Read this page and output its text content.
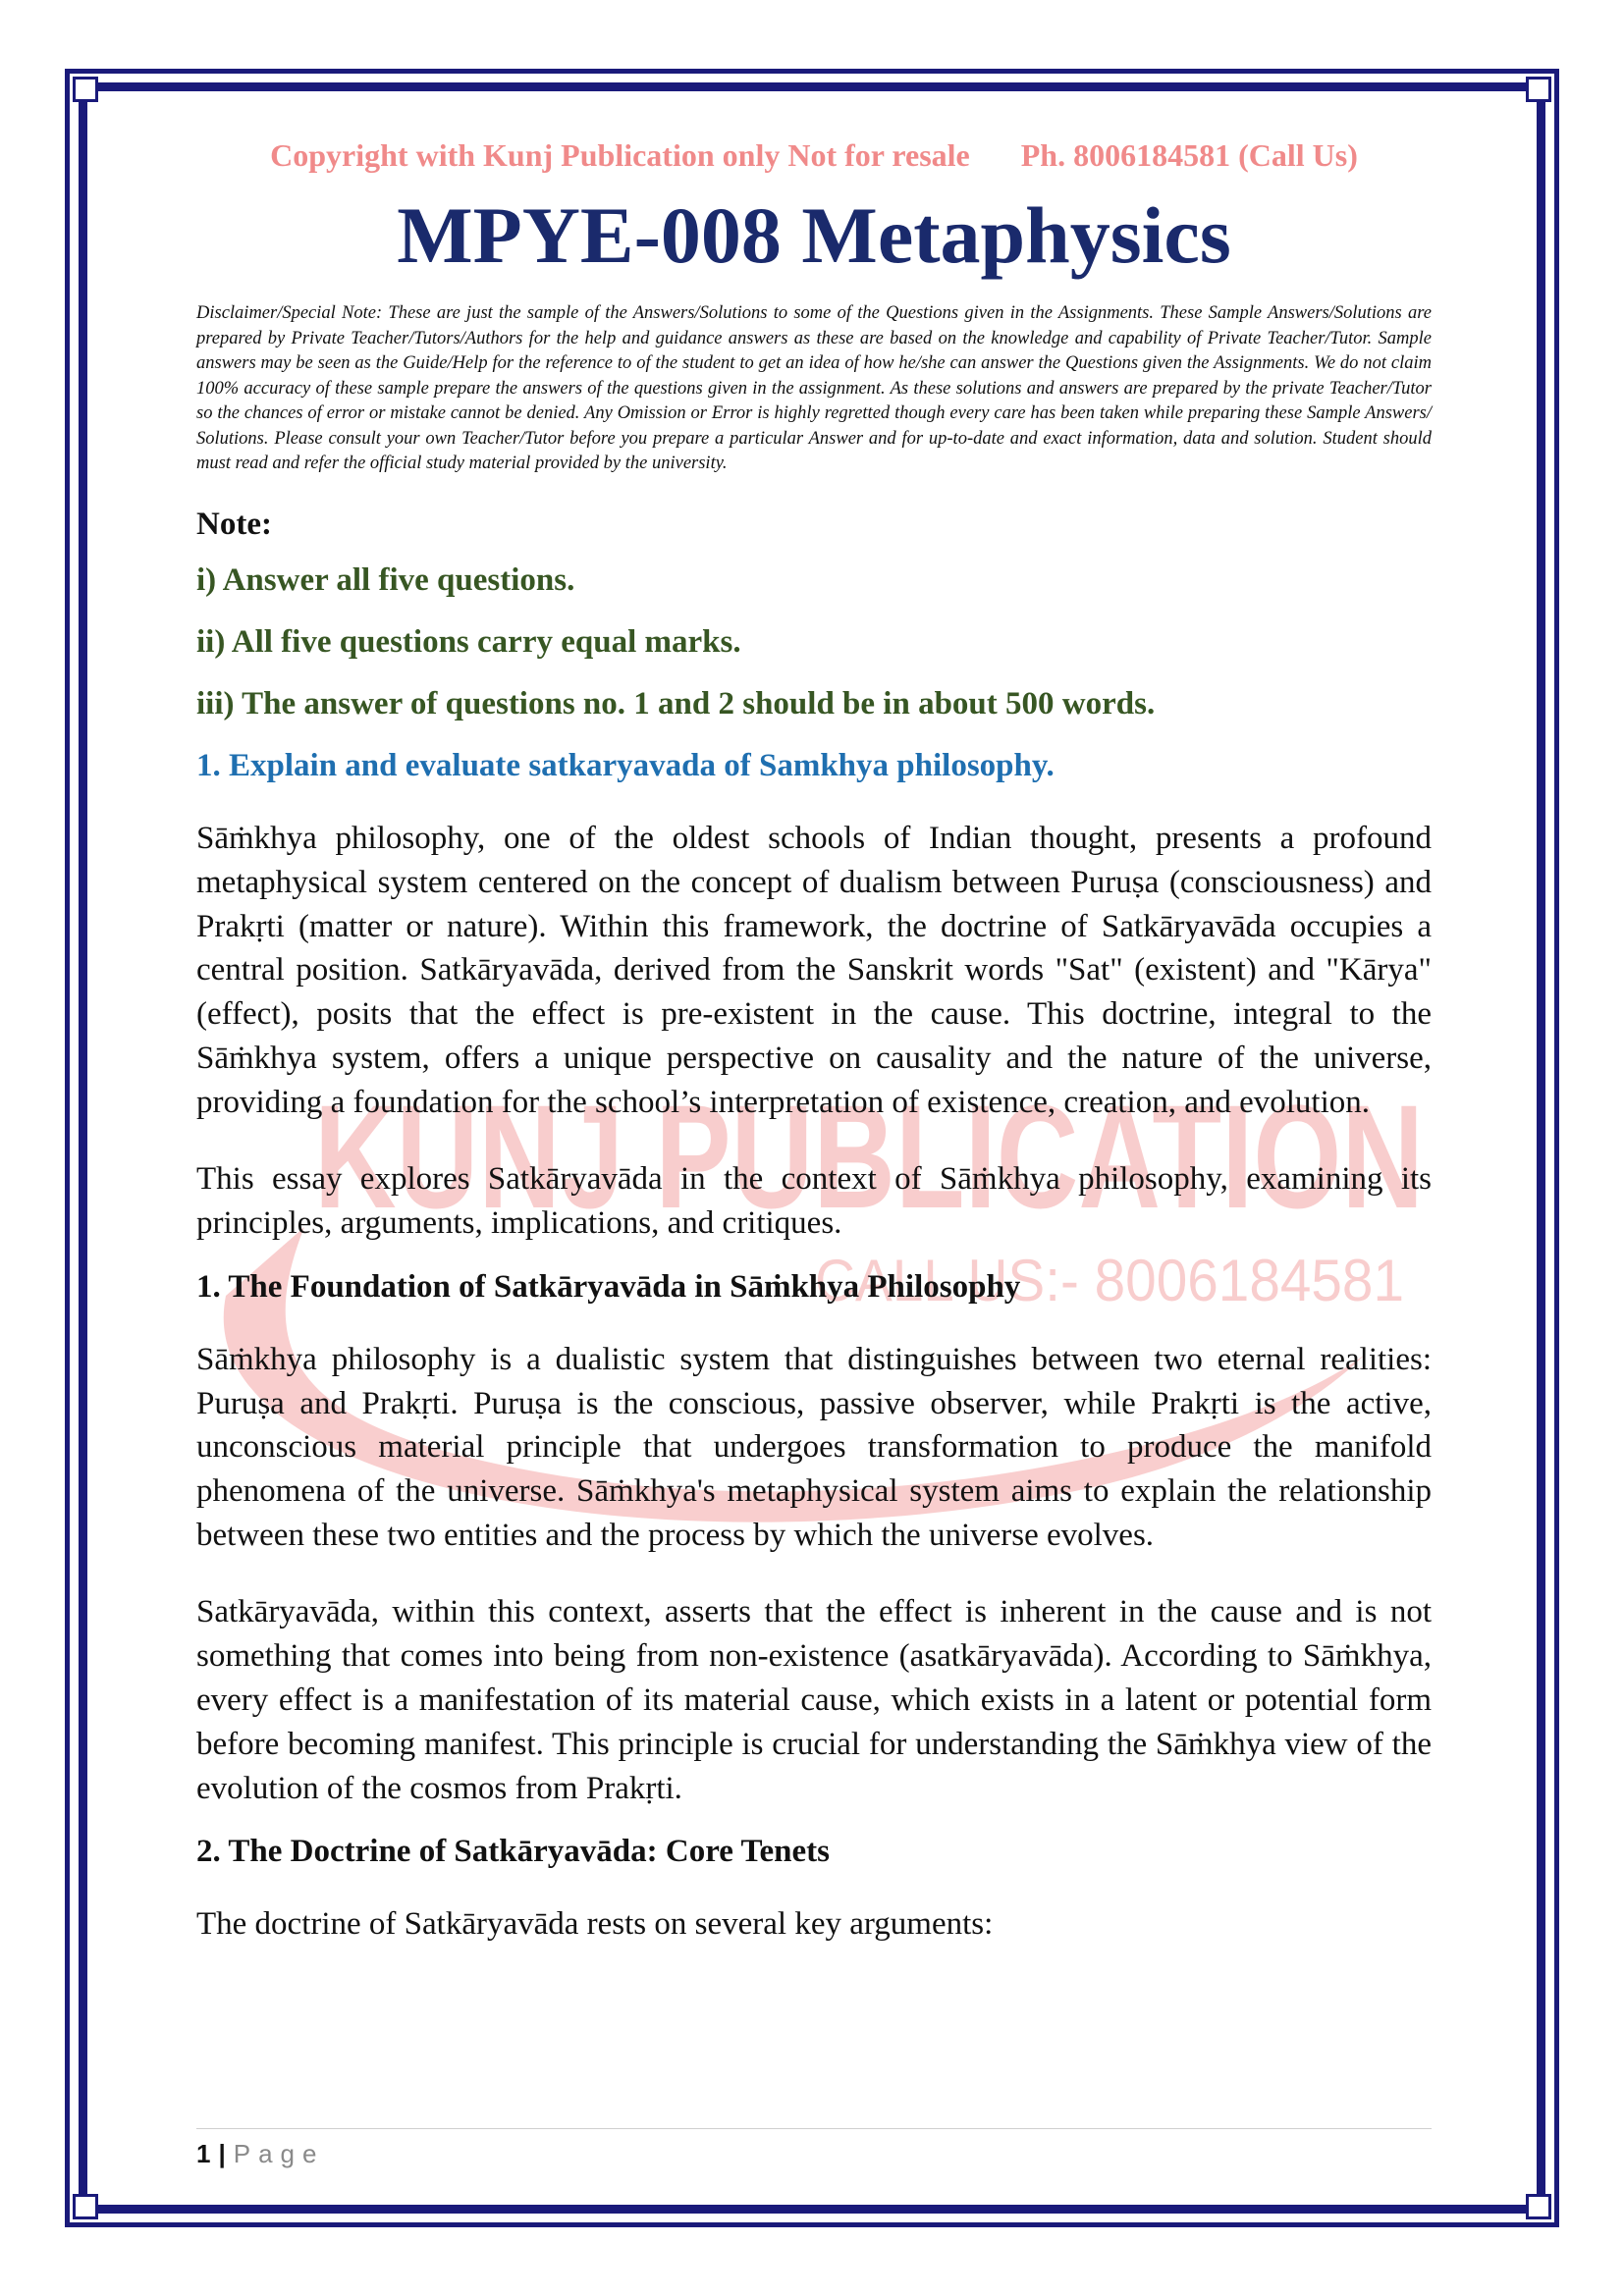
KUNJ PUBLICATION
CALL US:- 8006184581
Copyright with Kunj Publication only Not for resale Ph. 8006184581 (Call Us)
MPYE-008 Metaphysics
Disclaimer/Special Note: These are just the sample of the Answers/Solutions to some of the Questions given in the Assignments. These Sample Answers/Solutions are prepared by Private Teacher/Tutors/Authors for the help and guidance answers as these are based on the knowledge and capability of Private Teacher/Tutor. Sample answers may be seen as the Guide/Help for the reference to of the student to get an idea of how he/she can answer the Questions given the Assignments. We do not claim 100% accuracy of these sample prepare the answers of the questions given in the assignment. As these solutions and answers are prepared by the private Teacher/Tutor so the chances of error or mistake cannot be denied. Any Omission or Error is highly regretted though every care has been taken while preparing these Sample Answers/ Solutions. Please consult your own Teacher/Tutor before you prepare a particular Answer and for up-to-date and exact information, data and solution. Student should must read and refer the official study material provided by the university.
Note:
i) Answer all five questions.
ii) All five questions carry equal marks.
iii) The answer of questions no. 1 and 2 should be in about 500 words.
1. Explain and evaluate satkaryavada of Samkhya philosophy.

Sāṁkhya philosophy, one of the oldest schools of Indian thought, presents a profound metaphysical system centered on the concept of dualism between Puruṣa (consciousness) and Prakṛti (matter or nature). Within this framework, the doctrine of Satkāryavāda occupies a central position. Satkāryavāda, derived from the Sanskrit words "Sat" (existent) and "Kārya" (effect), posits that the effect is pre-existent in the cause. This doctrine, integral to the Sāṁkhya system, offers a unique perspective on causality and the nature of the universe, providing a foundation for the school’s interpretation of existence, creation, and evolution.

This essay explores Satkāryavāda in the context of Sāṁkhya philosophy, examining its principles, arguments, implications, and critiques.

1. The Foundation of Satkāryavāda in Sāṁkhya Philosophy

Sāṁkhya philosophy is a dualistic system that distinguishes between two eternal realities: Puruṣa and Prakṛti. Puruṣa is the conscious, passive observer, while Prakṛti is the active, unconscious material principle that undergoes transformation to produce the manifold phenomena of the universe. Sāṁkhya's metaphysical system aims to explain the relationship between these two entities and the process by which the universe evolves.

Satkāryavāda, within this context, asserts that the effect is inherent in the cause and is not something that comes into being from non-existence (asatkāryavāda). According to Sāṁkhya, every effect is a manifestation of its material cause, which exists in a latent or potential form before becoming manifest. This principle is crucial for understanding the Sāṁkhya view of the evolution of the cosmos from Prakṛti.

2. The Doctrine of Satkāryavāda: Core Tenets

The doctrine of Satkāryavāda rests on several key arguments:

1 | Page
